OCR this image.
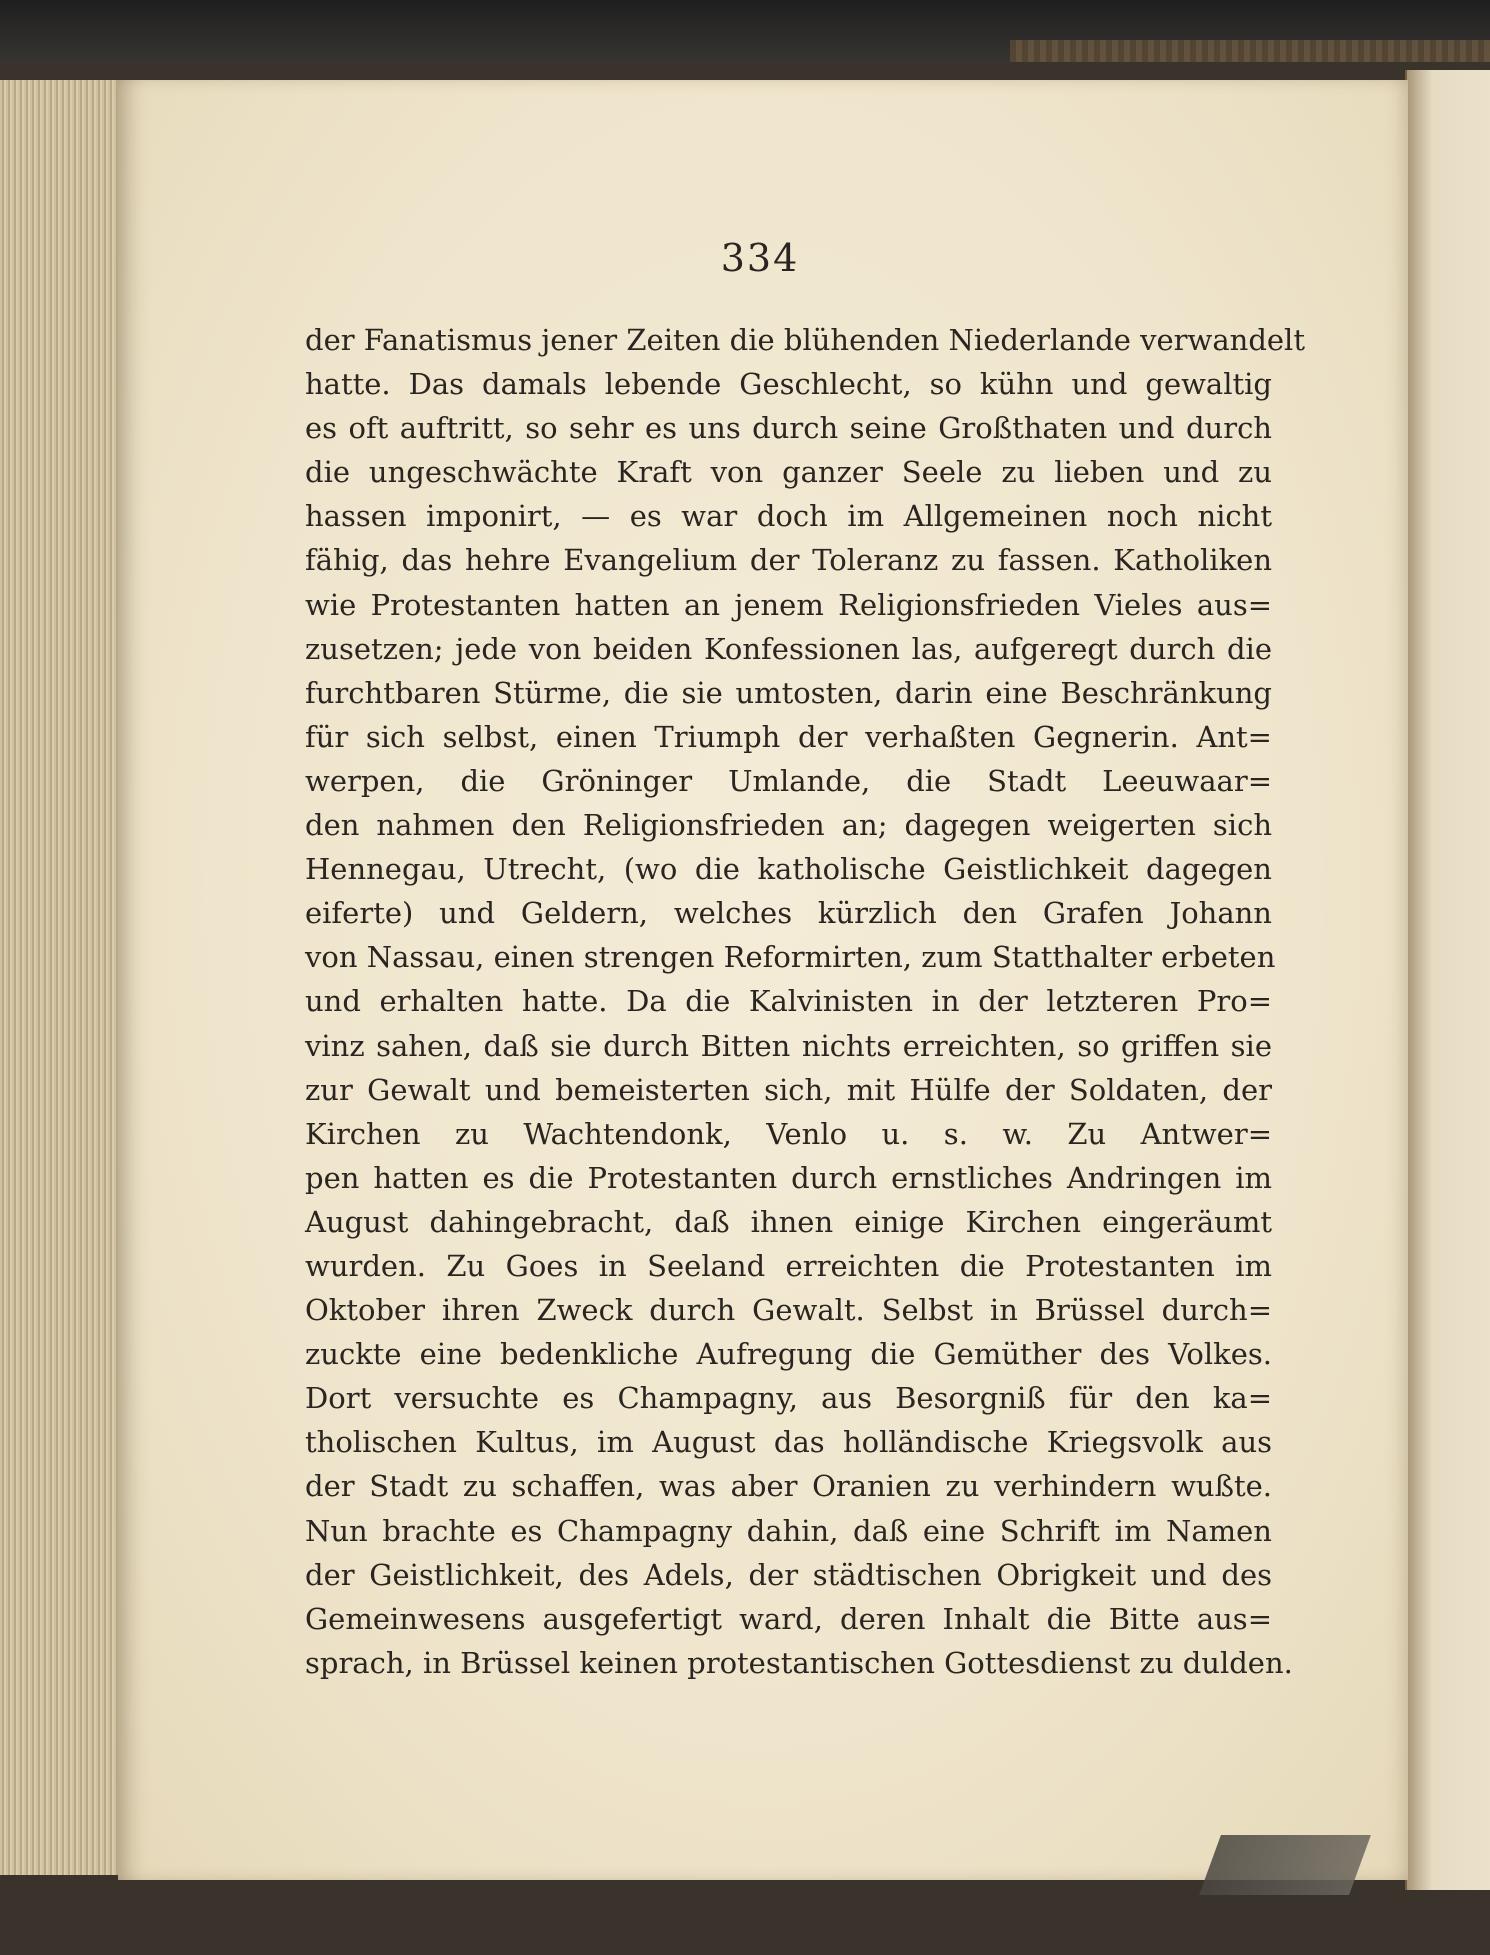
334
der Fanatismus jener Zeiten die blühenden Niederlande verwandelt
hatte. Das damals lebende Geschlecht, so kühn und gewaltig
es oft auftritt, so sehr es uns durch seine Großthaten und durch
die ungeschwächte Kraft von ganzer Seele zu lieben und zu
hassen imponirt, — es war doch im Allgemeinen noch nicht
fähig, das hehre Evangelium der Toleranz zu fassen. Katholiken
wie Protestanten hatten an jenem Religionsfrieden Vieles aus=
zusetzen; jede von beiden Konfessionen las, aufgeregt durch die
furchtbaren Stürme, die sie umtosten, darin eine Beschränkung
für sich selbst, einen Triumph der verhaßten Gegnerin. Ant=
werpen, die Gröninger Umlande, die Stadt Leeuwaar=
den nahmen den Religionsfrieden an; dagegen weigerten sich
Hennegau, Utrecht, (wo die katholische Geistlichkeit dagegen
eiferte) und Geldern, welches kürzlich den Grafen Johann
von Nassau, einen strengen Reformirten, zum Statthalter erbeten
und erhalten hatte. Da die Kalvinisten in der letzteren Pro=
vinz sahen, daß sie durch Bitten nichts erreichten, so griffen sie
zur Gewalt und bemeisterten sich, mit Hülfe der Soldaten, der
Kirchen zu Wachtendonk, Venlo u. s. w. Zu Antwer=
pen hatten es die Protestanten durch ernstliches Andringen im
August dahingebracht, daß ihnen einige Kirchen eingeräumt
wurden. Zu Goes in Seeland erreichten die Protestanten im
Oktober ihren Zweck durch Gewalt. Selbst in Brüssel durch=
zuckte eine bedenkliche Aufregung die Gemüther des Volkes.
Dort versuchte es Champagny, aus Besorgniß für den ka=
tholischen Kultus, im August das holländische Kriegsvolk aus
der Stadt zu schaffen, was aber Oranien zu verhindern wußte.
Nun brachte es Champagny dahin, daß eine Schrift im Namen
der Geistlichkeit, des Adels, der städtischen Obrigkeit und des
Gemeinwesens ausgefertigt ward, deren Inhalt die Bitte aus=
sprach, in Brüssel keinen protestantischen Gottesdienst zu dulden.
